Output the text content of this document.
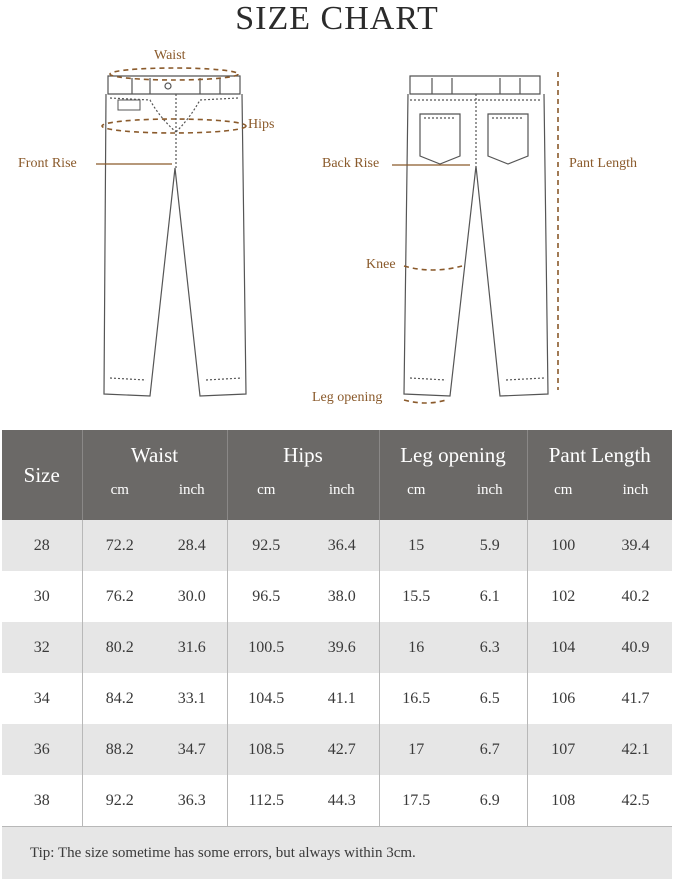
SIZE CHART
Waist
Hips
Front Rise	Back Rise	Pant Length
Knee
Leg opening
Size	Waist		Hips		Leg opening		Pant Length	
	cm	inch	cm	inch	cm	inch	cm	inch
28	72.2	28.4	92.5	36.4	15	5.9	100	39.4
30	76.2	30.0	96.5	38.0	15.5	6.1	102	40.2
32	80.2	31.6	100.5	39.6	16	6.3	104	40.9
34	84.2	33.1	104.5	41.1	16.5	6.5	106	41.7
36	88.2	34.7	108.5	42.7	17	6.7	107	42.1
38	92.2	36.3	112.5	44.3	17.5	6.9	108	42.5
Tip: The size sometime has some errors, but always within 3cm.								
